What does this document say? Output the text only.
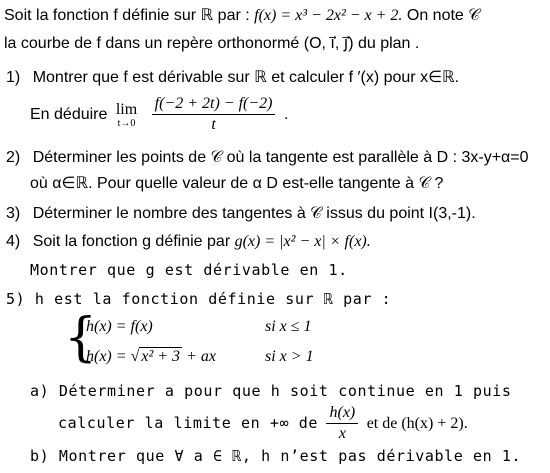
Soit la fonction f définie sur ℝ par : f(x) = x³ − 2x² − x + 2. On note 𝒞
la courbe de f dans un repère orthonormé (O, i⃗, j⃗) du plan .
1) Montrer que f est dérivable sur ℝ et calculer f ′(x) pour x∈ℝ.
En déduire lim
t→0
$\frac{f(-2 + 2t) - f(-2)}{t}$ .
2) Déterminer les points de 𝒞 où la tangente est parallèle à D : 3x-y+α=0
où α∈ℝ. Pour quelle valeur de α D est-elle tangente à 𝒞 ?
3) Déterminer le nombre des tangentes à 𝒞 issus du point I(3,-1).
4) Soit la fonction g définie par g(x) = |x² − x| × f(x).
Montrer que g est dérivable en 1.
5) h est la fonction définie sur ℝ par :
{
h(x) = f(x)	si x ≤ 1
h(x) = √ x² + 3 + ax	si x > 1
a) Déterminer a pour que h soit continue en 1 puis
calculer la limite en +∞ de $\frac{h(x)}{x}$ et de (h(x) + 2).
b) Montrer que ∀ a ∈ ℝ, h n’est pas dérivable en 1.
